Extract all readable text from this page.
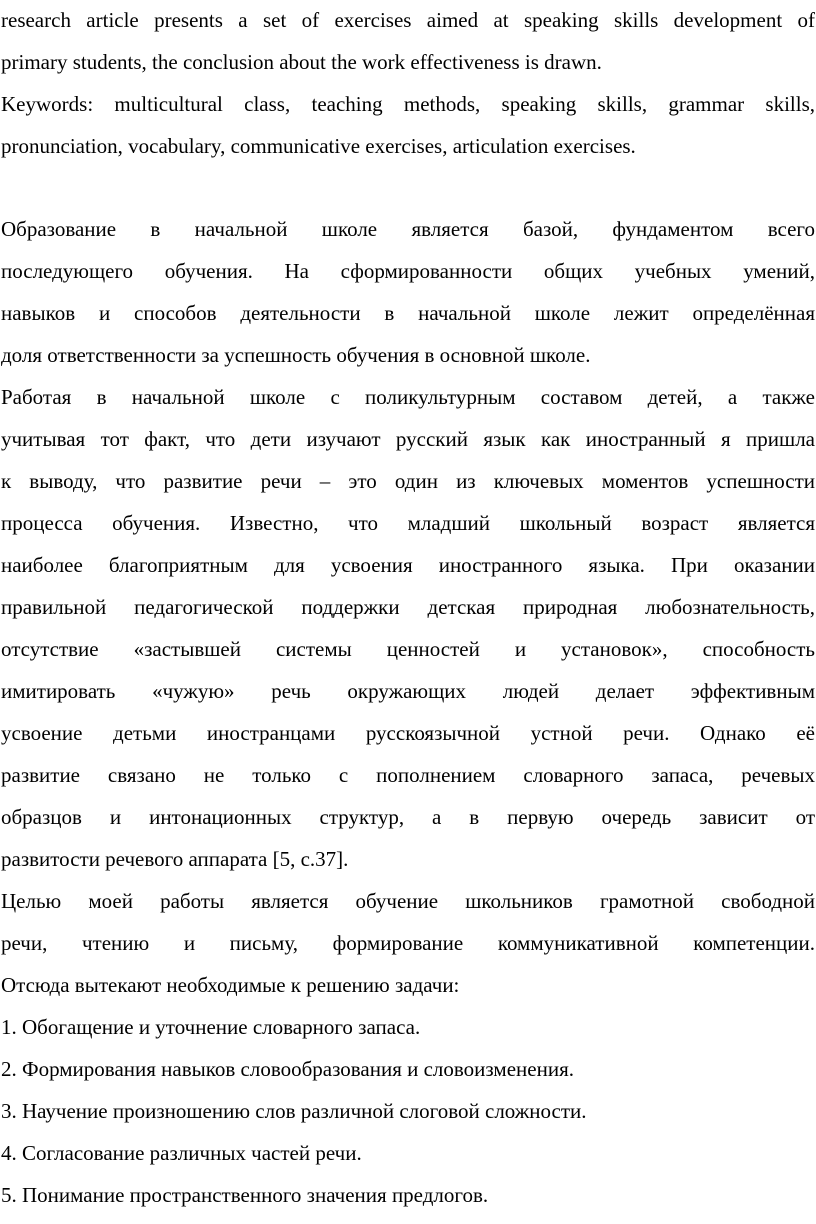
research article presents a set of exercises aimed at speaking skills development of
primary students, the conclusion about the work effectiveness is drawn.
Keywords: multicultural class, teaching methods, speaking skills, grammar skills,
pronunciation, vocabulary, communicative exercises, articulation exercises.
Образование в начальной школе является базой, фундаментом всего
последующего обучения. На сформированности общих учебных умений,
навыков и способов деятельности в начальной школе лежит определённая
доля ответственности за успешность обучения в основной школе.
Работая в начальной школе с поликультурным составом детей, а также
учитывая тот факт, что дети изучают русский язык как иностранный я пришла
к выводу, что развитие речи – это один из ключевых моментов успешности
процесса обучения. Известно, что младший школьный возраст является
наиболее благоприятным для усвоения иностранного языка. При оказании
правильной педагогической поддержки детская природная любознательность,
отсутствие «застывшей системы ценностей и установок», способность
имитировать «чужую» речь окружающих людей делает эффективным
усвоение детьми иностранцами русскоязычной устной речи. Однако её
развитие связано не только с пополнением словарного запаса, речевых
образцов и интонационных структур, а в первую очередь зависит от
развитости речевого аппарата [5, с.37].
Целью моей работы является обучение школьников грамотной свободной
речи, чтению и письму, формирование коммуникативной компетенции.
Отсюда вытекают необходимые к решению задачи:
1. Обогащение и уточнение словарного запаса.
2. Формирования навыков словообразования и словоизменения.
3. Научение произношению слов различной слоговой сложности.
4. Согласование различных частей речи.
5. Понимание пространственного значения предлогов.
